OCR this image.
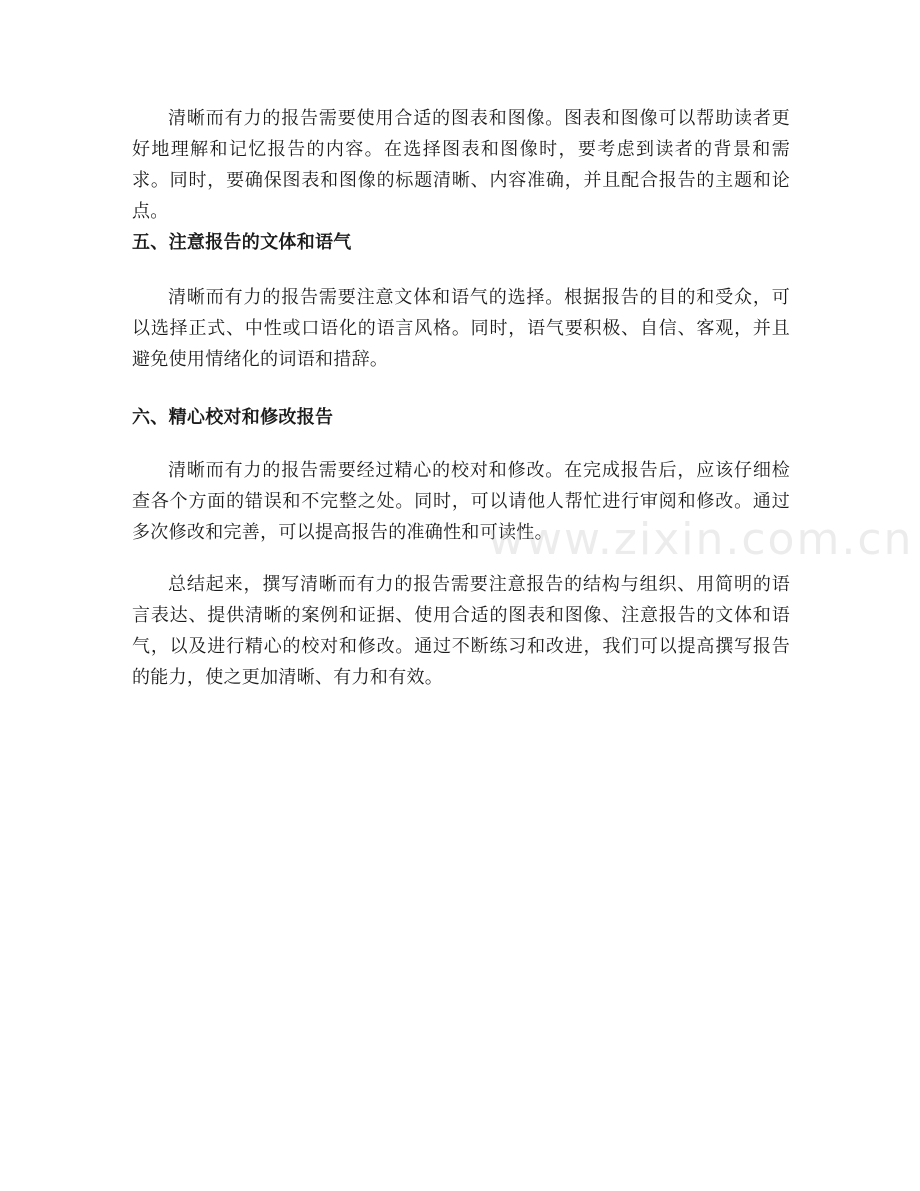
清晰而有力的报告需要使用合适的图表和图像。图表和图像可以帮助读者更好地理解和记忆报告的内容。在选择图表和图像时，要考虑到读者的背景和需求。同时，要确保图表和图像的标题清晰、内容准确，并且配合报告的主题和论点。

五、注意报告的文体和语气

清晰而有力的报告需要注意文体和语气的选择。根据报告的目的和受众，可以选择正式、中性或口语化的语言风格。同时，语气要积极、自信、客观，并且避免使用情绪化的词语和措辞。

六、精心校对和修改报告

清晰而有力的报告需要经过精心的校对和修改。在完成报告后，应该仔细检查各个方面的错误和不完整之处。同时，可以请他人帮忙进行审阅和修改。通过多次修改和完善，可以提高报告的准确性和可读性。

总结起来，撰写清晰而有力的报告需要注意报告的结构与组织、用简明的语言表达、提供清晰的案例和证据、使用合适的图表和图像、注意报告的文体和语气，以及进行精心的校对和修改。通过不断练习和改进，我们可以提高撰写报告的能力，使之更加清晰、有力和有效。

www.zixin.com.cn
